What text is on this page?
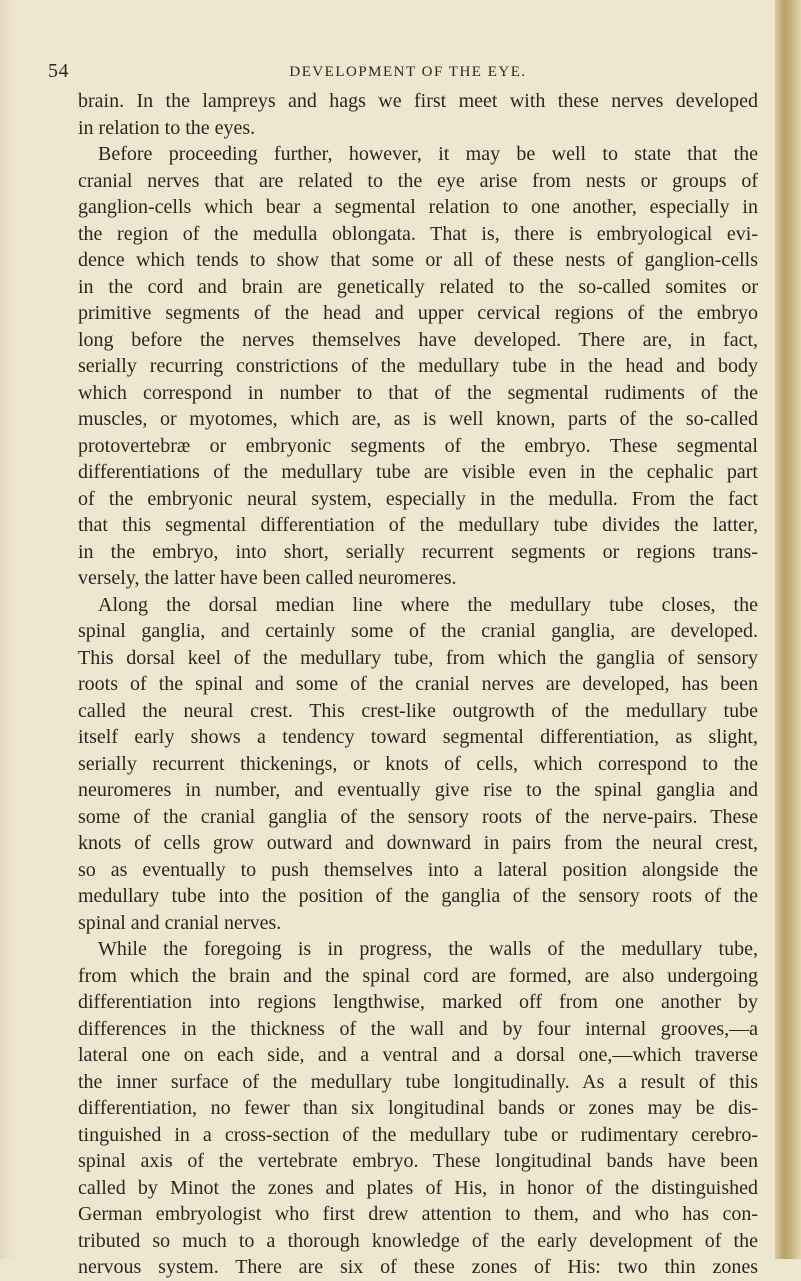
54	DEVELOPMENT OF THE EYE.
brain. In the lampreys and hags we first meet with these nerves developed
in relation to the eyes.
Before proceeding further, however, it may be well to state that the
cranial nerves that are related to the eye arise from nests or groups of
ganglion-cells which bear a segmental relation to one another, especially in
the region of the medulla oblongata. That is, there is embryological evi-
dence which tends to show that some or all of these nests of ganglion-cells
in the cord and brain are genetically related to the so-called somites or
primitive segments of the head and upper cervical regions of the embryo
long before the nerves themselves have developed. There are, in fact,
serially recurring constrictions of the medullary tube in the head and body
which correspond in number to that of the segmental rudiments of the
muscles, or myotomes, which are, as is well known, parts of the so-called
protovertebræ or embryonic segments of the embryo. These segmental
differentiations of the medullary tube are visible even in the cephalic part
of the embryonic neural system, especially in the medulla. From the fact
that this segmental differentiation of the medullary tube divides the latter,
in the embryo, into short, serially recurrent segments or regions trans-
versely, the latter have been called neuromeres.
Along the dorsal median line where the medullary tube closes, the
spinal ganglia, and certainly some of the cranial ganglia, are developed.
This dorsal keel of the medullary tube, from which the ganglia of sensory
roots of the spinal and some of the cranial nerves are developed, has been
called the neural crest. This crest-like outgrowth of the medullary tube
itself early shows a tendency toward segmental differentiation, as slight,
serially recurrent thickenings, or knots of cells, which correspond to the
neuromeres in number, and eventually give rise to the spinal ganglia and
some of the cranial ganglia of the sensory roots of the nerve-pairs. These
knots of cells grow outward and downward in pairs from the neural crest,
so as eventually to push themselves into a lateral position alongside the
medullary tube into the position of the ganglia of the sensory roots of the
spinal and cranial nerves.
While the foregoing is in progress, the walls of the medullary tube,
from which the brain and the spinal cord are formed, are also undergoing
differentiation into regions lengthwise, marked off from one another by
differences in the thickness of the wall and by four internal grooves,—a
lateral one on each side, and a ventral and a dorsal one,—which traverse
the inner surface of the medullary tube longitudinally. As a result of this
differentiation, no fewer than six longitudinal bands or zones may be dis-
tinguished in a cross-section of the medullary tube or rudimentary cerebro-
spinal axis of the vertebrate embryo. These longitudinal bands have been
called by Minot the zones and plates of His, in honor of the distinguished
German embryologist who first drew attention to them, and who has con-
tributed so much to a thorough knowledge of the early development of the
nervous system. There are six of these zones of His: two thin zones
